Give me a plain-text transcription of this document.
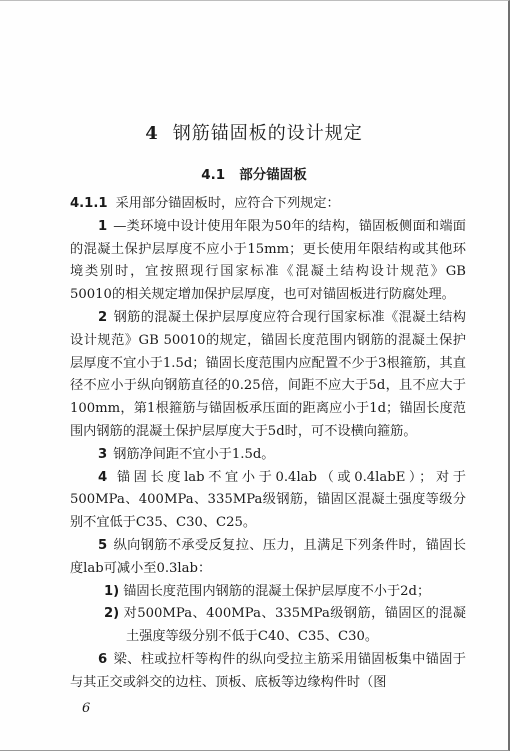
4 钢筋锚固板的设计规定
4.1 部分锚固板

4.1.1 采用部分锚固板时，应符合下列规定：

1 —类环境中设计使用年限为50年的结构，锚固板侧面和端面的混凝土保护层厚度不应小于15mm；更长使用年限结构或其他环境类别时，宜按照现行国家标准《混凝土结构设计规范》GB 50010的相关规定增加保护层厚度，也可对锚固板进行防腐处理。

2 钢筋的混凝土保护层厚度应符合现行国家标准《混凝土结构设计规范》GB 50010的规定，锚固长度范围内钢筋的混凝土保护层厚度不宜小于1.5d；锚固长度范围内应配置不少于3根箍筋，其直径不应小于纵向钢筋直径的0.25倍，间距不应大于5d，且不应大于100mm，第1根箍筋与锚固板承压面的距离应小于1d；锚固长度范围内钢筋的混凝土保护层厚度大于5d时，可不设横向箍筋。

3 钢筋净间距不宜小于1.5d。

4 锚固长度lab不宜小于0.4lab（或0.4labE）；对于500MPa、400MPa、335MPa级钢筋，锚固区混凝土强度等级分别不宜低于C35、C30、C25。

5 纵向钢筋不承受反复拉、压力，且满足下列条件时，锚固长度lab可减小至0.3lab：

1) 锚固长度范围内钢筋的混凝土保护层厚度不小于2d；

2) 对500MPa、400MPa、335MPa级钢筋，锚固区的混凝土强度等级分别不低于C40、C35、C30。

6 梁、柱或拉杆等构件的纵向受拉主筋采用锚固板集中锚固于与其正交或斜交的边柱、顶板、底板等边缘构件时（图

6
